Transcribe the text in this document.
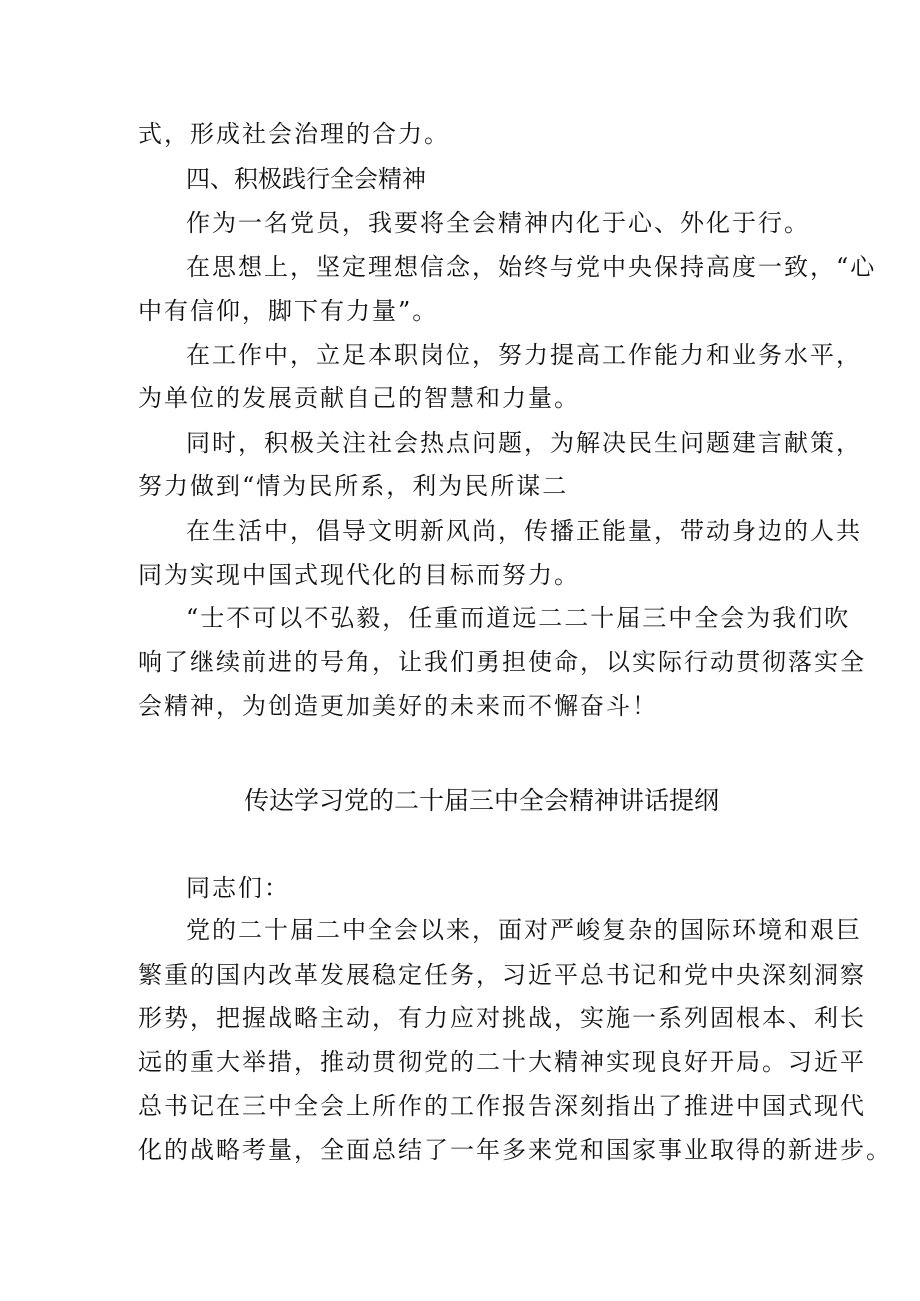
式，形成社会治理的合力。
四、积极践行全会精神
作为一名党员，我要将全会精神内化于心、外化于行。
在思想上，坚定理想信念，始终与党中央保持高度一致，“心
中有信仰，脚下有力量”。
在工作中，立足本职岗位，努力提高工作能力和业务水平，
为单位的发展贡献自己的智慧和力量。
同时，积极关注社会热点问题，为解决民生问题建言献策，
努力做到“情为民所系，利为民所谋二
在生活中，倡导文明新风尚，传播正能量，带动身边的人共
同为实现中国式现代化的目标而努力。
“士不可以不弘毅，任重而道远二二十届三中全会为我们吹
响了继续前进的号角，让我们勇担使命，以实际行动贯彻落实全
会精神，为创造更加美好的未来而不懈奋斗！
传达学习党的二十届三中全会精神讲话提纲
同志们：
党的二十届二中全会以来，面对严峻复杂的国际环境和艰巨
繁重的国内改革发展稳定任务，习近平总书记和党中央深刻洞察
形势，把握战略主动，有力应对挑战，实施一系列固根本、利长
远的重大举措，推动贯彻党的二十大精神实现良好开局。习近平
总书记在三中全会上所作的工作报告深刻指出了推进中国式现代
化的战略考量，全面总结了一年多来党和国家事业取得的新进步。
